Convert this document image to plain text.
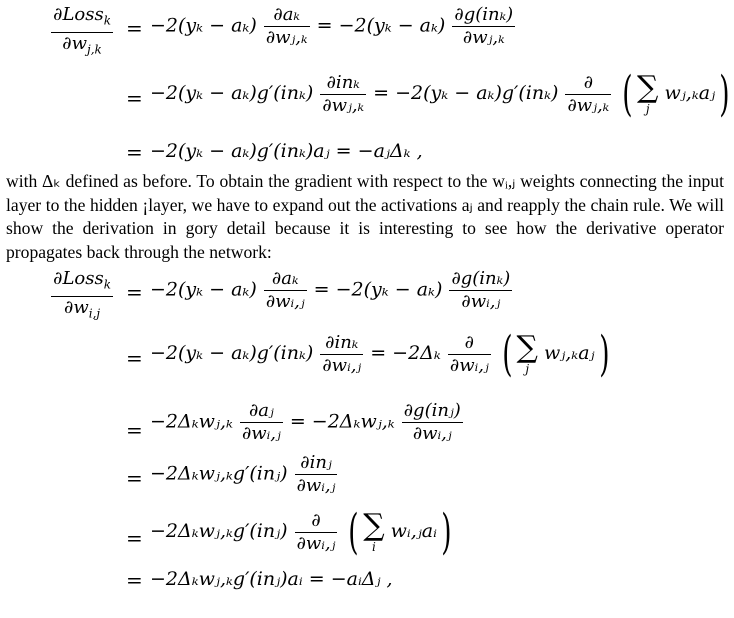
$\frac{\partial Loss_k}{\partial w_{j,k}} = -2(y_k - a_k) \frac{\text{∂aₖ}}{\text{∂wⱼ,ₖ}} = -2(y_k - a_k) \frac{\text{∂g(inₖ)}}{\text{∂wⱼ,ₖ}}$
= $-2(y_k - a_k)g'(in_k) \frac{\text{∂inₖ}}{\text{∂wⱼ,ₖ}} = -2(y_k - a_k)g'(in_k) \frac{\partial}{\text{∂wⱼ,ₖ}}$ ( ∑
j
wⱼ,ₖaⱼ)
= −2(yₖ − aₖ)g′(inₖ)aⱼ = −aⱼΔₖ ,

with Δₖ defined as before. To obtain the gradient with respect to the wᵢ,ⱼ weights connecting the input layer to the hidden ¡layer, we have to expand out the activations aⱼ and reapply the chain rule. We will show the derivation in gory detail because it is interesting to see how the derivative operator propagates back through the network:

$\frac{\partial Loss_k}{\partial w_{i,j}} = -2(y_k - a_k) \frac{\text{∂aₖ}}{\text{∂wᵢ,ⱼ}} = -2(y_k - a_k) \frac{\text{∂g(inₖ)}}{\text{∂wᵢ,ⱼ}}$
= $-2(y_k - a_k)g'(in_k) \frac{\text{∂inₖ}}{\text{∂wᵢ,ⱼ}} = -2\Delta_k \frac{\partial}{\text{∂wᵢ,ⱼ}}$ ( ∑
j
wⱼ,ₖaⱼ)
= −2Δₖwⱼ,ₖ $\frac{\text{∂aⱼ}}{\text{∂wᵢ,ⱼ}}$ = −2Δₖwⱼ,ₖ $\frac{\text{∂g(inⱼ)}}{\text{∂wᵢ,ⱼ}}$
= −2Δₖwⱼ,ₖg′(inⱼ) $\frac{\text{∂inⱼ}}{\text{∂wᵢ,ⱼ}}$
= −2Δₖwⱼ,ₖg′(inⱼ) $\frac{\partial}{\text{∂wᵢ,ⱼ}}$ ( ∑
i
wᵢ,ⱼaᵢ)
= −2Δₖwⱼ,ₖg′(inⱼ)aᵢ = −aᵢΔⱼ ,
